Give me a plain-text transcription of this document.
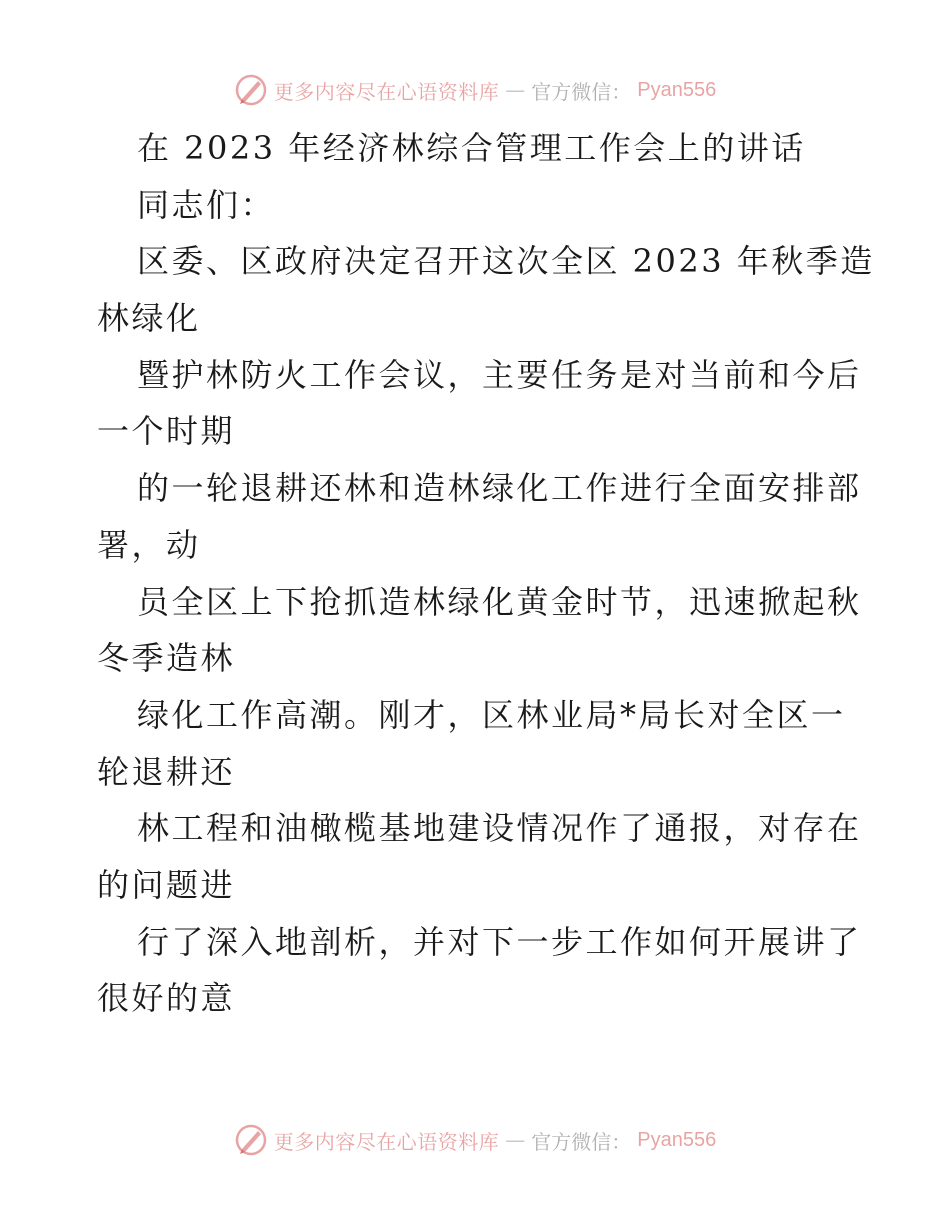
更多内容尽在心语资料库 — 官方微信： Pyan556
在 2023 年经济林综合管理工作会上的讲话
同志们：
区委、区政府决定召开这次全区 2023 年秋季造
林绿化
暨护林防火工作会议，主要任务是对当前和今后
一个时期
的一轮退耕还林和造林绿化工作进行全面安排部
署，动
员全区上下抢抓造林绿化黄金时节，迅速掀起秋
冬季造林
绿化工作高潮。刚才，区林业局*局长对全区一
轮退耕还
林工程和油橄榄基地建设情况作了通报，对存在
的问题进
行了深入地剖析，并对下一步工作如何开展讲了
很好的意
更多内容尽在心语资料库 — 官方微信： Pyan556
